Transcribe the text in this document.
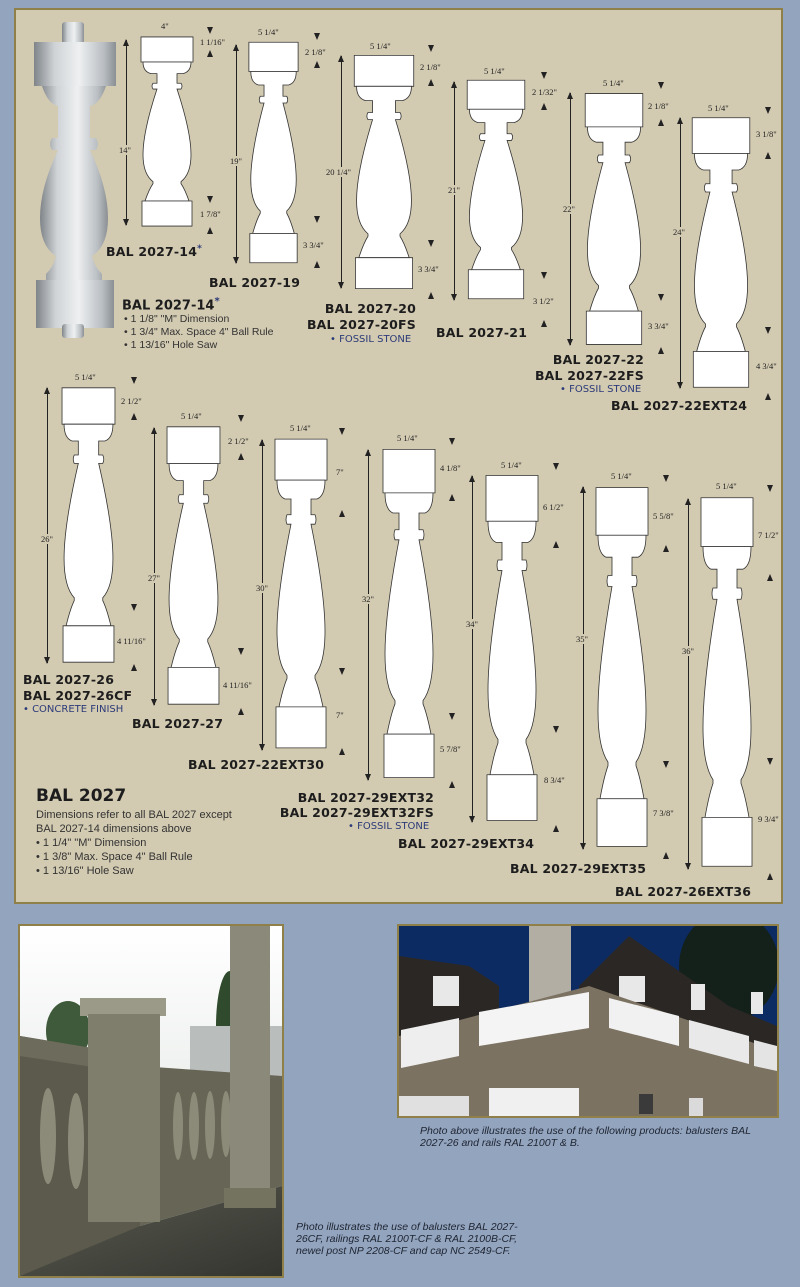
BAL 2027-14*
• 1 1/8" "M" Dimension
• 1 3/4" Max. Space 4" Ball Rule
• 1 13/16" Hole Saw
4"
14"
1 1/16"
1 7/8"
BAL 2027-14*
5 1/4"
19"
2 1/8"
3 3/4"
BAL 2027-19
5 1/4"
20 1/4"
2 1/8"
3 3/4"
BAL 2027-20
BAL 2027-20FS
• FOSSIL STONE
5 1/4"
21"
2 1/32"
3 1/2"
BAL 2027-21
5 1/4"
22"
2 1/8"
3 3/4"
BAL 2027-22
BAL 2027-22FS
• FOSSIL STONE
5 1/4"
24"
3 1/8"
4 3/4"
BAL 2027-22EXT24
5 1/4"
26"
2 1/2"
4 11/16"
BAL 2027-26
BAL 2027-26CF
• CONCRETE FINISH
5 1/4"
27"
2 1/2"
4 11/16"
BAL 2027-27
5 1/4"
30"
7"
7"
BAL 2027-22EXT30
5 1/4"
32"
4 1/8"
5 7/8"
BAL 2027-29EXT32
BAL 2027-29EXT32FS
• FOSSIL STONE
5 1/4"
34"
6 1/2"
8 3/4"
BAL 2027-29EXT34
5 1/4"
35"
5 5/8"
7 3/8"
BAL 2027-29EXT35
5 1/4"
36"
7 1/2"
9 3/4"
BAL 2027-26EXT36
BAL 2027
Dimensions refer to all BAL 2027 except
BAL 2027-14 dimensions above
• 1 1/4" "M" Dimension
• 1 3/8" Max. Space 4" Ball Rule
• 1 13/16" Hole Saw
Photo illustrates the use of balusters BAL 2027-26CF, railings RAL 2100T-CF & RAL 2100B-CF, newel post NP 2208-CF and cap NC 2549-CF.
Photo above illustrates the use of the following products: balusters BAL 2027-26 and rails RAL 2100T & B.
